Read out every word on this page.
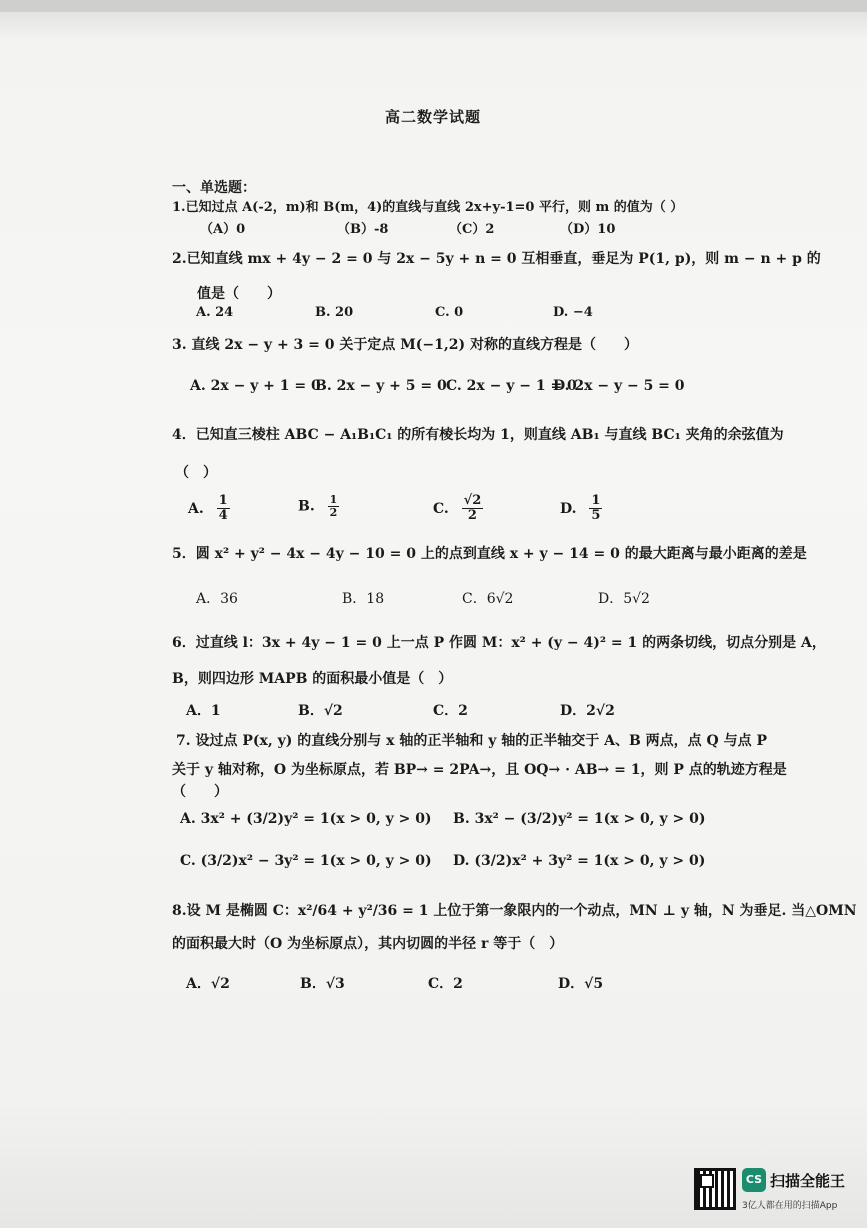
高二数学试题
一、单选题：
1.已知过点 A(-2，m)和 B(m，4)的直线与直线 2x+y-1=0 平行，则 m 的值为（ ）
（A）0	（B）-8	（C）2	（D）10
2.已知直线 mx + 4y − 2 = 0 与 2x − 5y + n = 0 互相垂直，垂足为 P(1, p)，则 m − n + p 的
值是（　　）
A. 24	B. 20	C. 0	D. −4
3. 直线 2x − y + 3 = 0 关于定点 M(−1,2) 对称的直线方程是（　　）
A. 2x − y + 1 = 0
B. 2x − y + 5 = 0 C. 2x − y − 1 = 0
D. 2x − y − 5 = 0
4．已知直三棱柱 ABC − A₁B₁C₁ 的所有棱长均为 1，则直线 AB₁ 与直线 BC₁ 夹角的余弦值为
（　）
A. $\frac{1}{4}$	B. $\frac{1}{2}$	C. $\frac{√2}{2}$	D. $\frac{1}{5}$
5．圆 x² + y² − 4x − 4y − 10 = 0 上的点到直线 x + y − 14 = 0 的最大距离与最小距离的差是
A．36	B．18	C．6√2	D．5√2
6．过直线 l：3x + 4y − 1 = 0 上一点 P 作圆 M：x² + (y − 4)² = 1 的两条切线，切点分别是 A，
B，则四边形 MAPB 的面积最小值是（　）
A．1	B．√2	C．2	D．2√2
7. 设过点 P(x, y) 的直线分别与 x 轴的正半轴和 y 轴的正半轴交于 A、B 两点，点 Q 与点 P
关于 y 轴对称，O 为坐标原点，若 BP→ = 2PA→，且 OQ→ · AB→ = 1，则 P 点的轨迹方程是
（　　）
A. 3x² + (3/2)y² = 1(x > 0, y > 0) B. 3x² − (3/2)y² = 1(x > 0, y > 0)
C. (3/2)x² − 3y² = 1(x > 0, y > 0) D. (3/2)x² + 3y² = 1(x > 0, y > 0)
8.设 M 是椭圆 C：x²/64 + y²/36 = 1 上位于第一象限内的一个动点，MN ⊥ y 轴，N 为垂足. 当△OMN
的面积最大时（O 为坐标原点），其内切圆的半径 r 等于（　）
A．√2	B．√3	C．2	D．√5
CS 扫描全能王
3亿人都在用的扫描App
